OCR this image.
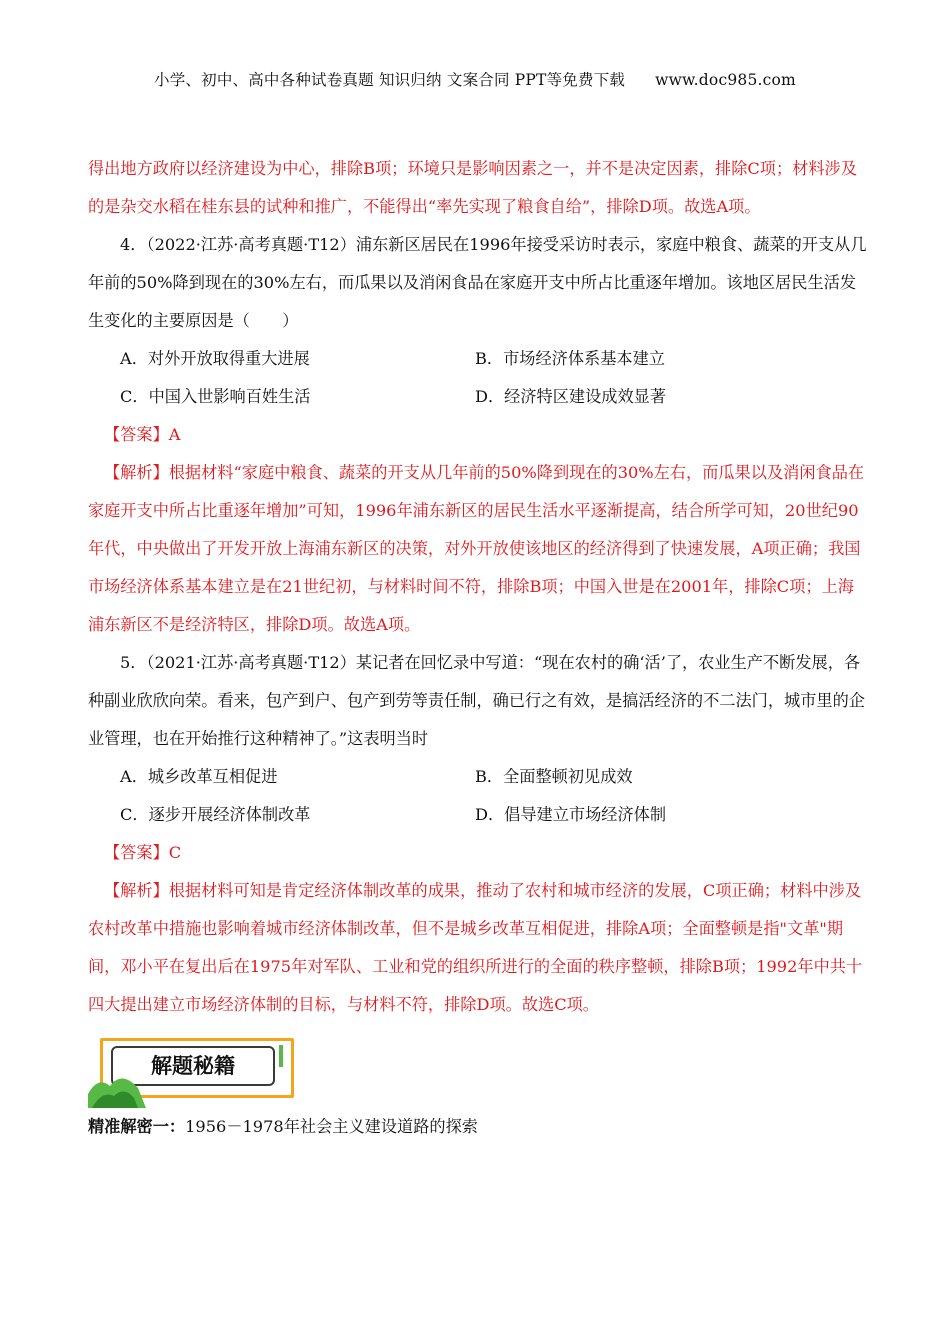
小学、初中、高中各种试卷真题 知识归纳 文案合同 PPT等免费下载 www.doc985.com

得出地方政府以经济建设为中心，排除B项；环境只是影响因素之一，并不是决定因素，排除C项；材料涉及的是杂交水稻在桂东县的试种和推广，不能得出“率先实现了粮食自给”，排除D项。故选A项。

4．（2022·江苏·高考真题·T12）浦东新区居民在1996年接受采访时表示，家庭中粮食、蔬菜的开支从几年前的50%降到现在的30%左右，而瓜果以及消闲食品在家庭开支中所占比重逐年增加。该地区居民生活发生变化的主要原因是（　　）

A．对外开放取得重大进展	B．市场经济体系基本建立
C．中国入世影响百姓生活	D．经济特区建设成效显著

【答案】A

【解析】根据材料“家庭中粮食、蔬菜的开支从几年前的50%降到现在的30%左右，而瓜果以及消闲食品在家庭开支中所占比重逐年增加”可知，1996年浦东新区的居民生活水平逐渐提高，结合所学可知，20世纪90年代，中央做出了开发开放上海浦东新区的决策，对外开放使该地区的经济得到了快速发展，A项正确；我国市场经济体系基本建立是在21世纪初，与材料时间不符，排除B项；中国入世是在2001年，排除C项；上海浦东新区不是经济特区，排除D项。故选A项。

5．（2021·江苏·高考真题·T12）某记者在回忆录中写道：“现在农村的确‘活’了，农业生产不断发展，各种副业欣欣向荣。看来，包产到户、包产到劳等责任制，确已行之有效，是搞活经济的不二法门，城市里的企业管理，也在开始推行这种精神了。”这表明当时

A．城乡改革互相促进	B．全面整顿初见成效
C．逐步开展经济体制改革	D．倡导建立市场经济体制

【答案】C

【解析】根据材料可知是肯定经济体制改革的成果，推动了农村和城市经济的发展，C项正确；材料中涉及农村改革中措施也影响着城市经济体制改革，但不是城乡改革互相促进，排除A项；全面整顿是指"文革"期间，邓小平在复出后在1975年对军队、工业和党的组织所进行的全面的秩序整顿，排除B项；1992年中共十四大提出建立市场经济体制的目标，与材料不符，排除D项。故选C项。

解题秘籍

精准解密一：1956－1978年社会主义建设道路的探索
